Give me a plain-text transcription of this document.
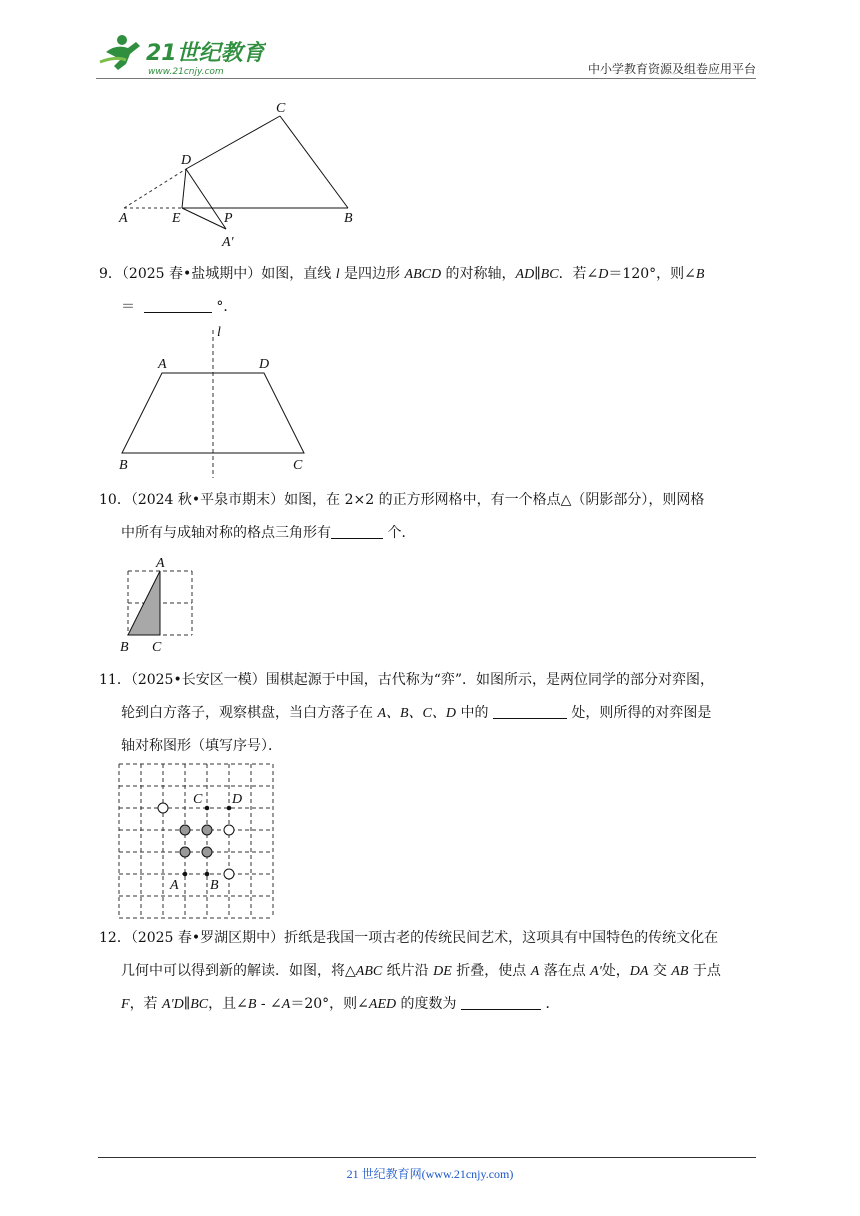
21世纪教育
www.21cnjy.com	中小学教育资源及组卷应用平台
A	E	P	B
C
D
A′
9．（2025 春•盐城期中）如图，直线 l 是四边形 ABCD 的对称轴，AD∥BC．若∠D＝120°，则∠B
＝	°．
l
A	D
B	C
10．（2024 秋•平泉市期末）如图，在 2×2 的正方形网格中，有一个格点△（阴影部分），则网格
中所有与成轴对称的格点三角形有	个．
A
B C
11．（2025•长安区一模）围棋起源于中国，古代称为“弈”．如图所示，是两位同学的部分对弈图，
轮到白方落子，观察棋盘，当白方落子在 A、B、C、D 中的	处，则所得的对弈图是
轴对称图形（填写序号）．
C D
A B
12．（2025 春•罗湖区期中）折纸是我国一项古老的传统民间艺术，这项具有中国特色的传统文化在
几何中可以得到新的解读．如图，将△ABC 纸片沿 DE 折叠，使点 A 落在点 A'处，DA 交 AB 于点
F，若 A′D∥BC，且∠B - ∠A＝20°，则∠AED 的度数为	．
21 世纪教育网(www.21cnjy.com)
